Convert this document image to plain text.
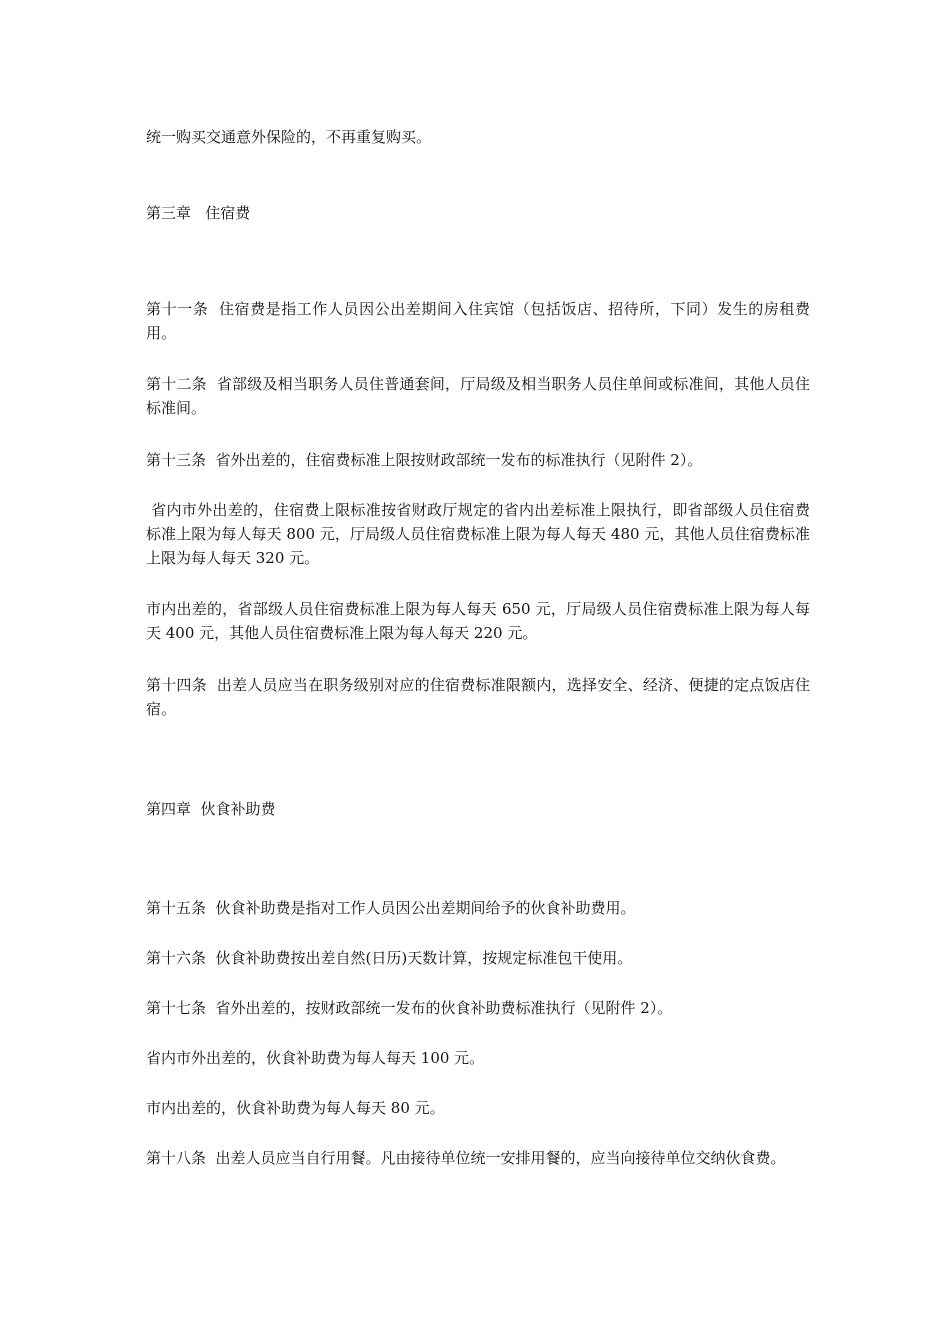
统一购买交通意外保险的，不再重复购买。
第三章   住宿费
第十一条  住宿费是指工作人员因公出差期间入住宾馆（包括饭店、招待所，下同）发生的房租费用。
第十二条  省部级及相当职务人员住普通套间，厅局级及相当职务人员住单间或标准间，其他人员住标准间。
第十三条  省外出差的，住宿费标准上限按财政部统一发布的标准执行（见附件 2）。
省内市外出差的，住宿费上限标准按省财政厅规定的省内出差标准上限执行，即省部级人员住宿费标准上限为每人每天 800 元，厅局级人员住宿费标准上限为每人每天 480 元，其他人员住宿费标准上限为每人每天 320 元。
市内出差的，省部级人员住宿费标准上限为每人每天 650 元，厅局级人员住宿费标准上限为每人每天 400 元，其他人员住宿费标准上限为每人每天 220 元。
第十四条  出差人员应当在职务级别对应的住宿费标准限额内，选择安全、经济、便捷的定点饭店住宿。
第四章  伙食补助费
第十五条  伙食补助费是指对工作人员因公出差期间给予的伙食补助费用。
第十六条  伙食补助费按出差自然(日历)天数计算，按规定标准包干使用。
第十七条  省外出差的，按财政部统一发布的伙食补助费标准执行（见附件 2）。
省内市外出差的，伙食补助费为每人每天 100 元。
市内出差的，伙食补助费为每人每天 80 元。
第十八条  出差人员应当自行用餐。凡由接待单位统一安排用餐的，应当向接待单位交纳伙食费。
